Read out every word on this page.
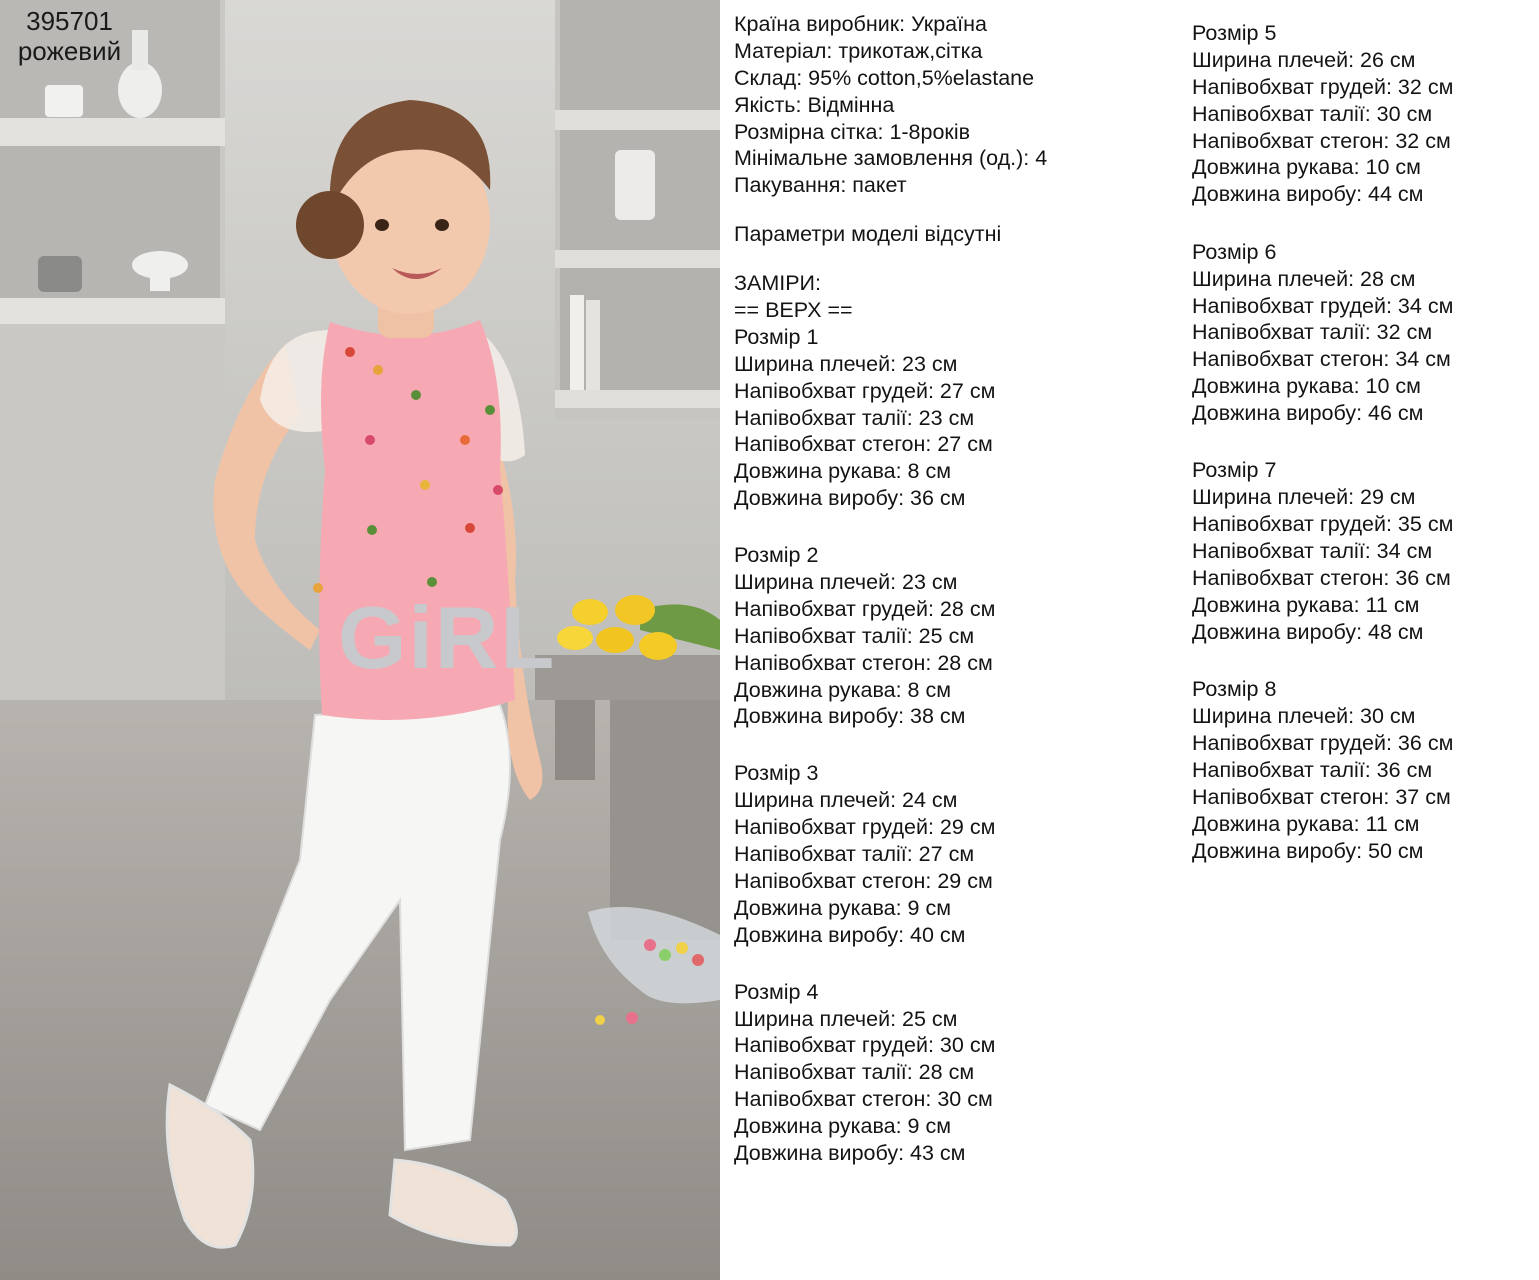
GiRL
395701
рожевий
Країна виробник: Україна
Матеріал: трикотаж,сітка
Склад: 95% cotton,5%elastane
Якість: Відмінна
Розмірна сітка: 1-8років
Мінімальне замовлення (од.): 4
Пакування: пакет
Параметри моделі відсутні
ЗАМІРИ:
== ВЕРХ ==
Розмір 1
Ширина плечей: 23 см
Напівобхват грудей: 27 см
Напівобхват талії: 23 см
Напівобхват стегон: 27 см
Довжина рукава: 8 см
Довжина виробу: 36 см
Розмір 2
Ширина плечей: 23 см
Напівобхват грудей: 28 см
Напівобхват талії: 25 см
Напівобхват стегон: 28 см
Довжина рукава: 8 см
Довжина виробу: 38 см
Розмір 3
Ширина плечей: 24 см
Напівобхват грудей: 29 см
Напівобхват талії: 27 см
Напівобхват стегон: 29 см
Довжина рукава: 9 см
Довжина виробу: 40 см
Розмір 4
Ширина плечей: 25 см
Напівобхват грудей: 30 см
Напівобхват талії: 28 см
Напівобхват стегон: 30 см
Довжина рукава: 9 см
Довжина виробу: 43 см
Розмір 5
Ширина плечей: 26 см
Напівобхват грудей: 32 см
Напівобхват талії: 30 см
Напівобхват стегон: 32 см
Довжина рукава: 10 см
Довжина виробу: 44 см
Розмір 6
Ширина плечей: 28 см
Напівобхват грудей: 34 см
Напівобхват талії: 32 см
Напівобхват стегон: 34 см
Довжина рукава: 10 см
Довжина виробу: 46 см
Розмір 7
Ширина плечей: 29 см
Напівобхват грудей: 35 см
Напівобхват талії: 34 см
Напівобхват стегон: 36 см
Довжина рукава: 11 см
Довжина виробу: 48 см
Розмір 8
Ширина плечей: 30 см
Напівобхват грудей: 36 см
Напівобхват талії: 36 см
Напівобхват стегон: 37 см
Довжина рукава: 11 см
Довжина виробу: 50 см
